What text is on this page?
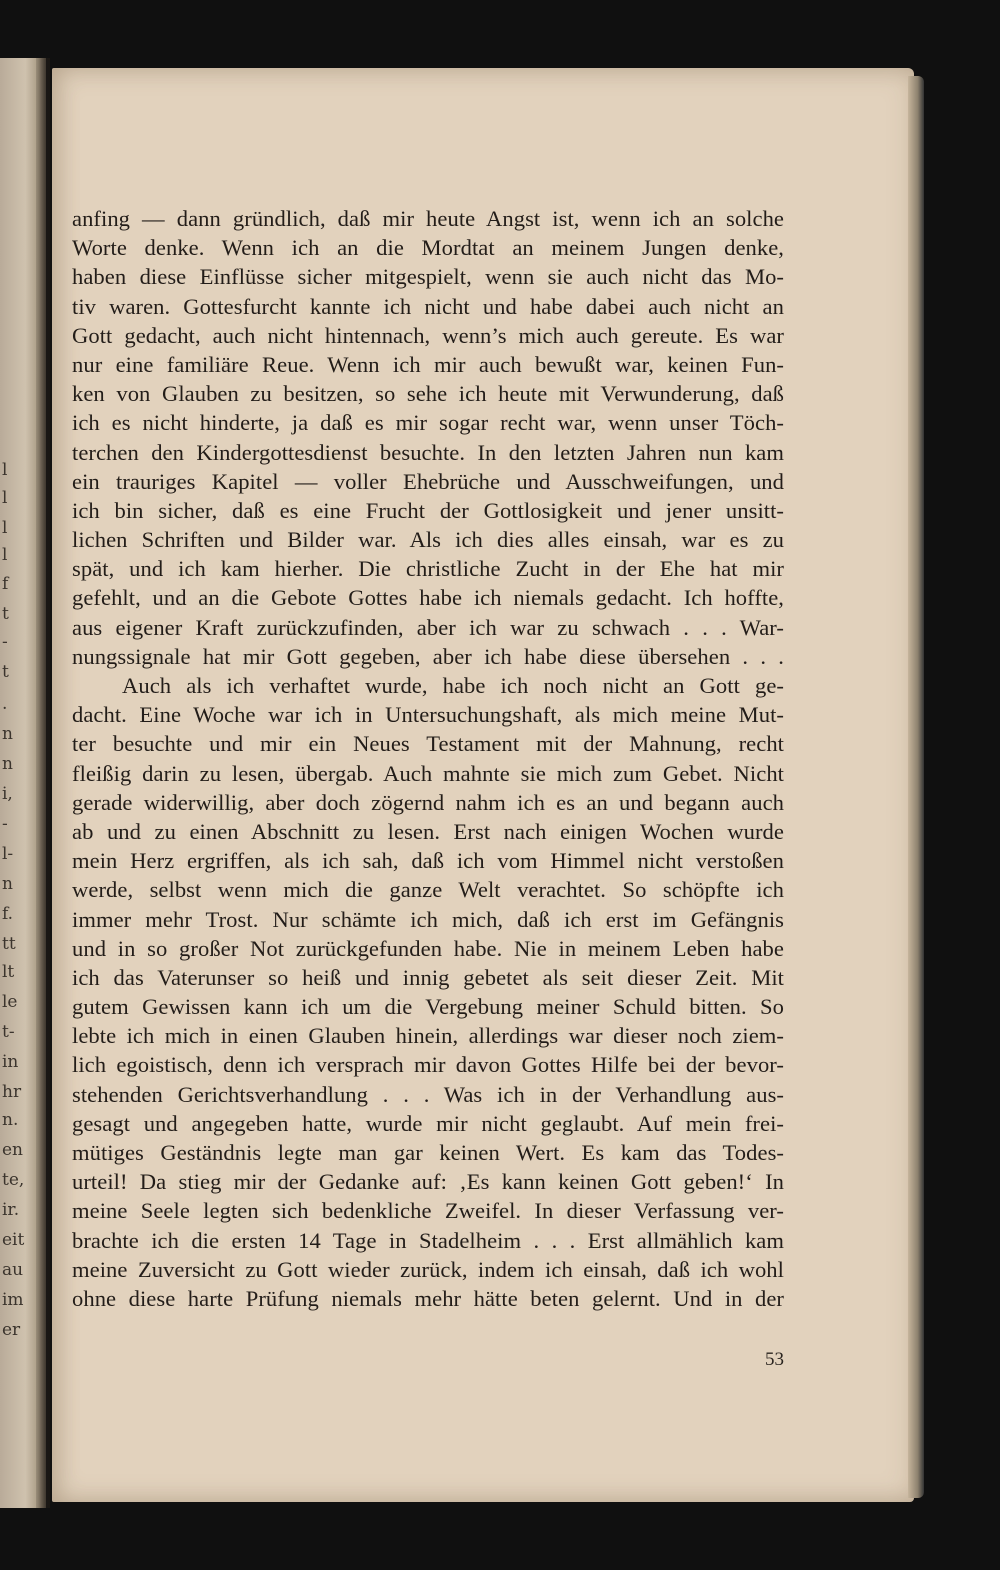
l
l
l
l
f
t
-
t
.
n
n
i,
-
l-
n
f.
tt
lt
le
t-
in
hr
n.
en
te,
ir.
eit
au
im
er
anfing — dann gründlich, daß mir heute Angst ist, wenn ich an solche
Worte denke. Wenn ich an die Mordtat an meinem Jungen denke,
haben diese Einflüsse sicher mitgespielt, wenn sie auch nicht das Mo-
tiv waren. Gottesfurcht kannte ich nicht und habe dabei auch nicht an
Gott gedacht, auch nicht hintennach, wenn’s mich auch gereute. Es war
nur eine familiäre Reue. Wenn ich mir auch bewußt war, keinen Fun-
ken von Glauben zu besitzen, so sehe ich heute mit Verwunderung, daß
ich es nicht hinderte, ja daß es mir sogar recht war, wenn unser Töch-
terchen den Kindergottesdienst besuchte. In den letzten Jahren nun kam
ein trauriges Kapitel — voller Ehebrüche und Ausschweifungen, und
ich bin sicher, daß es eine Frucht der Gottlosigkeit und jener unsitt-
lichen Schriften und Bilder war. Als ich dies alles einsah, war es zu
spät, und ich kam hierher. Die christliche Zucht in der Ehe hat mir
gefehlt, und an die Gebote Gottes habe ich niemals gedacht. Ich hoffte,
aus eigener Kraft zurückzufinden, aber ich war zu schwach . . . War-
nungssignale hat mir Gott gegeben, aber ich habe diese übersehen . . .
Auch als ich verhaftet wurde, habe ich noch nicht an Gott ge-
dacht. Eine Woche war ich in Untersuchungshaft, als mich meine Mut-
ter besuchte und mir ein Neues Testament mit der Mahnung, recht
fleißig darin zu lesen, übergab. Auch mahnte sie mich zum Gebet. Nicht
gerade widerwillig, aber doch zögernd nahm ich es an und begann auch
ab und zu einen Abschnitt zu lesen. Erst nach einigen Wochen wurde
mein Herz ergriffen, als ich sah, daß ich vom Himmel nicht verstoßen
werde, selbst wenn mich die ganze Welt verachtet. So schöpfte ich
immer mehr Trost. Nur schämte ich mich, daß ich erst im Gefängnis
und in so großer Not zurückgefunden habe. Nie in meinem Leben habe
ich das Vaterunser so heiß und innig gebetet als seit dieser Zeit. Mit
gutem Gewissen kann ich um die Vergebung meiner Schuld bitten. So
lebte ich mich in einen Glauben hinein, allerdings war dieser noch ziem-
lich egoistisch, denn ich versprach mir davon Gottes Hilfe bei der bevor-
stehenden Gerichtsverhandlung . . . Was ich in der Verhandlung aus-
gesagt und angegeben hatte, wurde mir nicht geglaubt. Auf mein frei-
mütiges Geständnis legte man gar keinen Wert. Es kam das Todes-
urteil! Da stieg mir der Gedanke auf: ‚Es kann keinen Gott geben!‘ In
meine Seele legten sich bedenkliche Zweifel. In dieser Verfassung ver-
brachte ich die ersten 14 Tage in Stadelheim . . . Erst allmählich kam
meine Zuversicht zu Gott wieder zurück, indem ich einsah, daß ich wohl
ohne diese harte Prüfung niemals mehr hätte beten gelernt. Und in der
53
